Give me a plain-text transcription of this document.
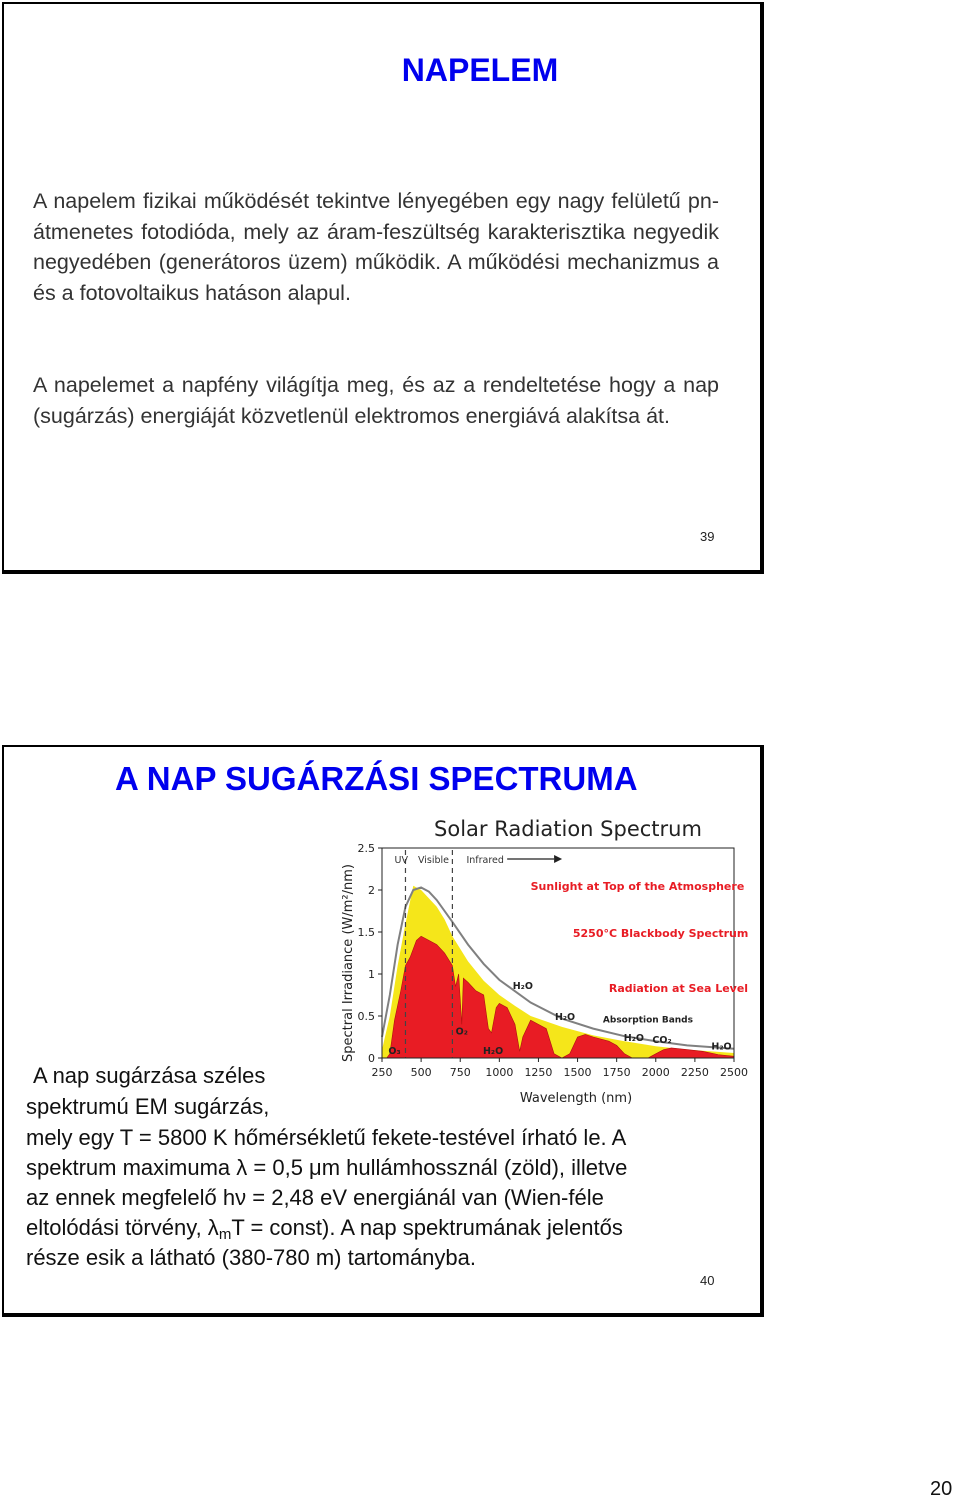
NAPELEM
A napelem fizikai működését tekintve lényegében egy nagy felületű pn-átmenetes fotodióda, mely az áram-feszültség karakterisztika negyedik negyedében (generátoros üzem) működik. A működési mechanizmus a és a fotovoltaikus hatáson alapul.
A napelemet a napfény világítja meg, és az a rendeltetése hogy a nap (sugárzás) energiáját közvetlenül elektromos energiává alakítsa át.
39
A NAP SUGÁRZÁSI SPECTRUMA
Solar Radiation Spectrum
UV Visible Infrared
0
0.5
1
1.5
2
2.5
250 500 750 1000 1250 1500 1750 2000 2250 2500
Wavelength (nm)
Spectral Irradiance (W/m²/nm)	Sunlight at Top of the Atmosphere
5250°C Blackbody Spectrum
Radiation at Sea Level
Absorption Bands
O₃
O₂
H₂O
H₂O
H₂O
H₂O CO₂
H₂O
A nap sugárzása széles
spektrumú EM sugárzás,
mely egy T = 5800 K hőmérsékletű fekete-testével írható le. A
spektrum maximuma λ = 0,5 μm hullámhossznál (zöld), illetve
az ennek megfelelő hν = 2,48 eV energiánál van (Wien-féle
eltolódási törvény, $\lambda_mT$ = const). A nap spektrumának jelentős
része esik a látható (380-780 m) tartományba.
40
20
